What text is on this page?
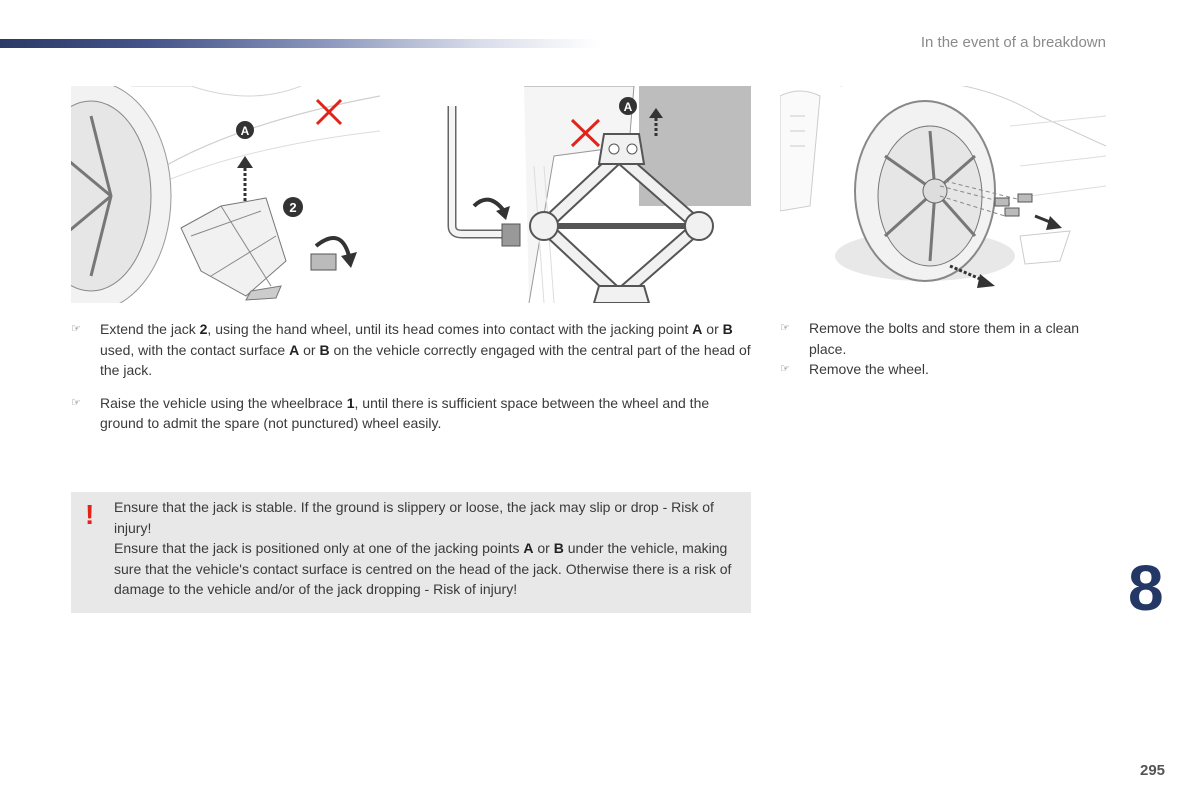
In the event of a breakdown
A
2
A
☞ Extend the jack 2, using the hand wheel, until its head comes into contact with the jacking point A or B used, with the contact surface A or B on the vehicle correctly engaged with the central part of the head of the jack.
☞ Raise the vehicle using the wheelbrace 1, until there is sufficient space between the wheel and the ground to admit the spare (not punctured) wheel easily.
☞ Remove the bolts and store them in a clean place.
☞ Remove the wheel.
! Ensure that the jack is stable. If the ground is slippery or loose, the jack may slip or drop - Risk of injury!

Ensure that the jack is positioned only at one of the jacking points A or B under the vehicle, making sure that the vehicle's contact surface is centred on the head of the jack. Otherwise there is a risk of damage to the vehicle and/or of the jack dropping - Risk of injury!	8
295
